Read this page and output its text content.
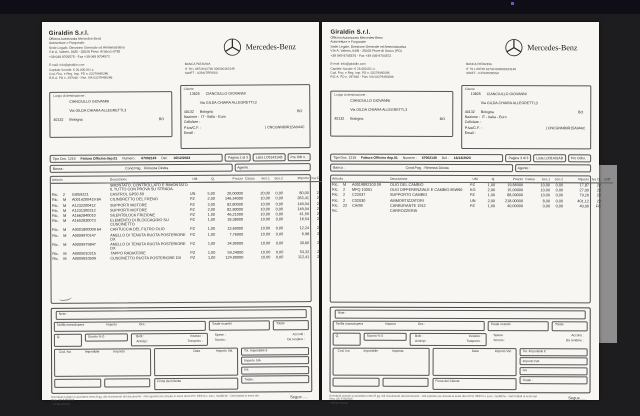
Giraldin S.r.l.
Officina Autorizzata Mercedes-Benz
Autovetture e Furgonate
Sede Legale, Direzione Generale ed Amministrativa
V.le A. Valerio, 84/B - 35028 Piove di Sacco (PD)
+39 049 9705575 - Fax +39 049 9704572
Mercedes-Benz
E-mail: info@giraldin.com
Capitale Sociale: € 26.000,00 i.v.
Cod. Fisc. e Reg. Imp. PD n. 03279490286
R.E.A. PD n. 297046 - Part. IVA 03279490286
BANCA PATAVINA
IT 79 L 08728 62740 000000163149
SWIFT - ICRAITRRSS0
Luogo di destinazione :
CIANCIULLO GIOVANNI
Via GILDA CHIARA ALLEGRETTI,3
40132	Bologna	BO
Cliente
13825	CIANCIULLO GIOVANNI
Via GILDA CHIARA ALLEGRETTI,3
40132	Bologna	BO
Nazione : IT - Italia - Euro
Cellulare :
P.Iva/C.F. :	| CNCGNN89R15A944C
Email :
Tipo Doc. 1219 Fattura Officina dep.01 Numero : 67002149 Del : 16/12/2023	Pagina 2 di 3	Lista LO31431AB	Pre Odl n. :
Banca :	Cond.Pag. : Rimessa Diretta	Agente :
Articolo	Descrizione	UM	Q.	Prezzo	Cassa	Sco.1	Sco.2	Importo	Iva Cl.	
	SMONTATO, CONTROLLATO E RIMONTATO IL TUTTO CON PROVA SU STRADA.									
Ric. 2 GI059221	CASTROL GP50-50	UN	5,00	20,00000		20,00	0,00	80,00	22	
Ric. M A0014200419 84	CILINDRETTO DEL FRENO	PZ	2,00	146,34000		10,00	0,00	263,41	22	
Ric. M A1232200412	SUPPORTI MOTORE	PZ	2,00	82,80000		10,00	0,00	149,04	22	
Ric. M A1231300312	SUPPORTI MOTORE	PZ	2,00	82,80000		10,00	0,00	149,04	22	
Ric. M A1662840010	SILENTBLOCK FRIZIONE	PZ	1,00	46,21000		10,00	0,00	41,59	22	
Ric. M A1652830073	ELEMENTO DI BLOCCAGGIO SU CUSCINETTO	PZ	1,00	18,38000		10,00	0,00	16,54	22	
Ric. M A0001800009 64	CARTUCCIA DEL FILTRO OLIO	PZ	1,00	13,60000		10,00	0,00	12,24	22	
Ric. M A0009970147	ANELLO DI TENUTA RUOTA POSTERIORE DX	PZ	1,00	7,76000		10,00	0,00	6,98	22	
Ric. M A0009979847	ANELLO DI TENUTA RUOTA POSTERIORE DX	PZ	1,00	34,00000		10,00	0,00	30,60	22	
Ric. M A0005010215	TAPPO RADIATORE	PZ	1,00	59,24000		10,00	0,00	53,32	22	
Ric. M A0009810509	CUSCINETTO RUOTA POSTERIORE DX	PZ	1,00	124,90000		10,00	0,00	112,41	22	
Note :
Tariffa manodopera	Importo	Ora :	Totale ricambi	Totale
Q.	Sconto % 0	Bolli :	Incasso :
Anticipi :	Trasporto :
Spese :	Acconti :
Sconto :	Da rendere :
Cod. Iva	Imponibile	Imposta	Data	Importo Val.
Firma del Cliente
Tot. Imponibile €
Importo IVA
Iva
Totale :
Eventuali reclami si accettano entro 8 gg. dal ricevimento del documento - IVA esposta ove dovuta ai sensi del D.P.R. 633/72 e succ. modifiche - Dati trattati ai sensi del Reg. UE 679/2016
* senza riserva
Segue......
Giraldin S.r.l.
Officina Autorizzata Mercedes-Benz
Autovetture e Furgonate
Sede Legale, Direzione Generale ed Amministrativa
V.le A. Valerio, 84/B - 35028 Piove di Sacco (PD)
+39 049 9705575 - Fax +39 049 9704572
Mercedes-Benz
E-mail: info@giraldin.com
Capitale Sociale: € 26.000,00 i.v.
Cod. Fisc. e Reg. Imp. PD n. 03279490286
R.E.A. PD n. 297046 - Part. IVA 03279490286
BANCA PATAVINA
IT 79 L 08728 62740 000000163149
SWIFT - ICRAITRRSS0
Luogo di destinazione :
CIANCIULLO GIOVANNI
Via GILDA CHIARA ALLEGRETTI,3
40132	Bologna	BO
Cliente
13825	CIANCIULLO GIOVANNI
Via GILDA CHIARA ALLEGRETTI,3
40132	Bologna	BO
Nazione : IT - Italia - Euro
Cellulare :
P.Iva/C.F. :	| CNCGNN89R15A944C
Email :
Tipo Doc. 1219 Fattura Officina dep.01 Numero : 67002149 Del : 16/12/2023	Pagina 3 di 3	Lista LO31431AB	Pre Odl n. :
Banca :	Cond.Pag. : Rimessa Diretta	Agente :
Articolo	Descrizione	UM	Q.	Prezzo	Cassa	Sco.1	Sco.2	Importo	Iva Cl.	Coff.
Ric. M A0019892103 09	OLIO DEL CAMBIO	PZ	1,00	19,86000		10,00	0,00	17,87	22	
Ric. 2 MFQ 10001	OLIO DIFFERENZIALE E CAMBIO 85W90	KG	2,00	15,00000		10,00	0,00	27,00	22	
Ric. 2 C22037	SUPPORTO CAMBIO	PZ	1,00	88,00000		10,00	0,00	79,20	22	
Ric. 2 C02030	AMMORTIZZATORI	UN	2,00	218,00000		8,00	0,00	401,12	22	
Ric. 22 CA/98	CARBURANTE 1912	PZ	1,00	40,00000		0,00	0,00	40,00	FC	
Inc.	CARROZZERIA									
Note :
Tariffa manodopera	Importo	Ora :	Totale ricambi	Totale
Q.	Sconto % 0	Bolli :	Incasso :
Anticipi :	Trasporto :
Spese :	Acconti :
Sconto :	Da rendere :
Cod. Iva	Imponibile	Imposta	Data	Importo Val.
Firma del Cliente
Tot. Imponibile €
Importo IVA
Iva
Totale :
Eventuali reclami si accettano entro 8 gg. dal ricevimento del documento - IVA esposta ove dovuta ai sensi del D.P.R. 633/72 e succ. modifiche - Dati trattati ai sensi del Reg. UE 679/2016
* senza riserva
Segue......
